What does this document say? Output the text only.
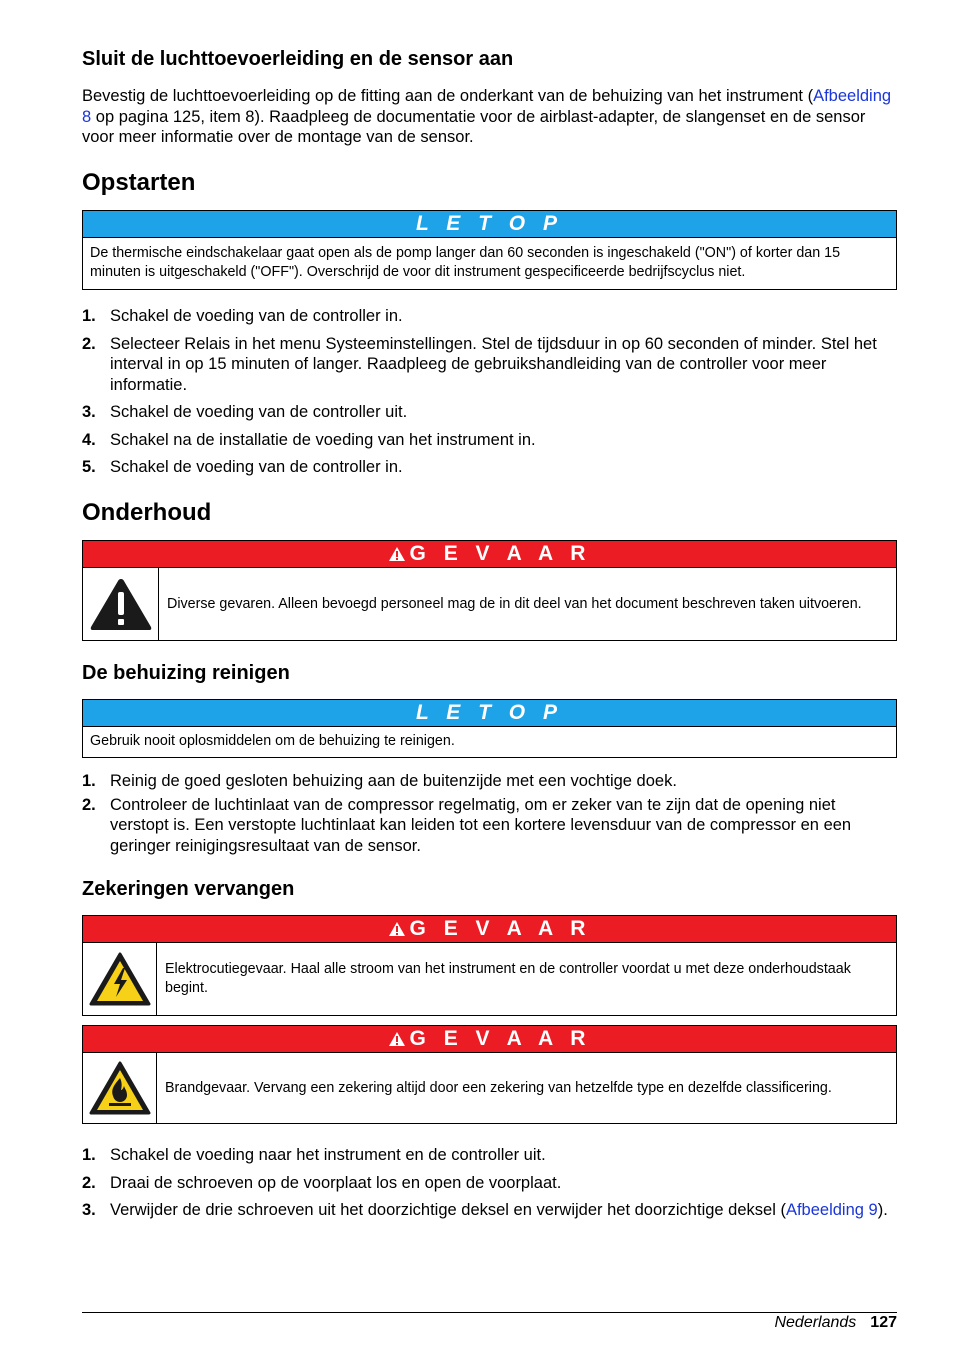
Sluit de luchttoevoerleiding en de sensor aan

Bevestig de luchttoevoerleiding op de fitting aan de onderkant van de behuizing van het instrument (Afbeelding 8 op pagina 125, item 8). Raadpleeg de documentatie voor de airblast-adapter, de slangenset en de sensor voor meer informatie over de montage van de sensor.

Opstarten
L E T O P
De thermische eindschakelaar gaat open als de pomp langer dan 60 seconden is ingeschakeld ("ON") of korter dan 15 minuten is uitgeschakeld ("OFF"). Overschrijd de voor dit instrument gespecificeerde bedrijfscyclus niet.
1. Schakel de voeding van de controller in.
2. Selecteer Relais in het menu Systeeminstellingen. Stel de tijdsduur in op 60 seconden of minder. Stel het interval in op 15 minuten of langer. Raadpleeg de gebruikshandleiding van de controller voor meer informatie.
3. Schakel de voeding van de controller uit.
4. Schakel na de installatie de voeding van het instrument in.
5. Schakel de voeding van de controller in.
Onderhoud
G E V A A R
Diverse gevaren. Alleen bevoegd personeel mag de in dit deel van het document beschreven taken uitvoeren.
De behuizing reinigen
L E T O P
Gebruik nooit oplosmiddelen om de behuizing te reinigen.
1. Reinig de goed gesloten behuizing aan de buitenzijde met een vochtige doek.
2. Controleer de luchtinlaat van de compressor regelmatig, om er zeker van te zijn dat de opening niet verstopt is. Een verstopte luchtinlaat kan leiden tot een kortere levensduur van de compressor en een geringer reinigingsresultaat van de sensor.
Zekeringen vervangen
G E V A A R
Elektrocutiegevaar. Haal alle stroom van het instrument en de controller voordat u met deze onderhoudstaak begint.
G E V A A R
Brandgevaar. Vervang een zekering altijd door een zekering van hetzelfde type en dezelfde classificering.
1. Schakel de voeding naar het instrument en de controller uit.
2. Draai de schroeven op de voorplaat los en open de voorplaat.
3. Verwijder de drie schroeven uit het doorzichtige deksel en verwijder het doorzichtige deksel (Afbeelding 9).
Nederlands 127
